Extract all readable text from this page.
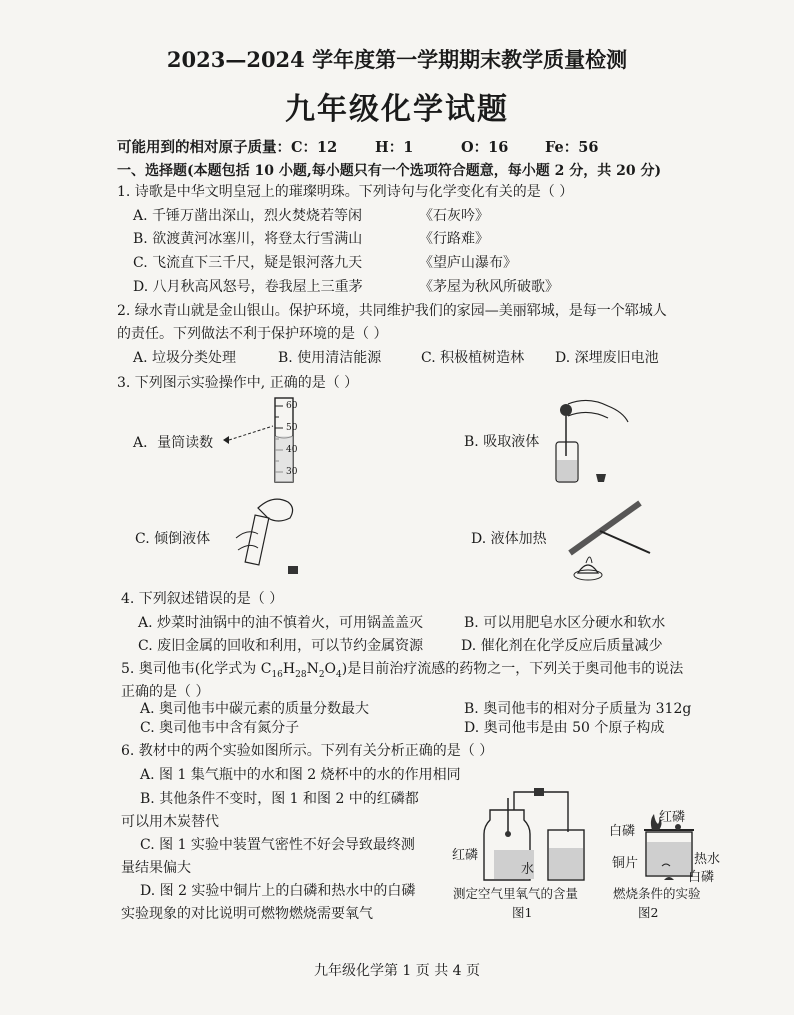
2023—2024 学年度第一学期期末教学质量检测
九年级化学试题
可能用到的相对原子质量：C：12	H：1	O：16	Fe：56
一、选择题(本题包括 10 小题,每小题只有一个选项符合题意，每小题 2 分，共 20 分)
1. 诗歌是中华文明皇冠上的璀璨明珠。下列诗句与化学变化有关的是（ ）
A. 千锤万凿出深山，烈火焚烧若等闲	《石灰吟》
B. 欲渡黄河冰塞川，将登太行雪满山	《行路难》
C. 飞流直下三千尺，疑是银河落九天	《望庐山瀑布》
D. 八月秋高风怒号，卷我屋上三重茅	《茅屋为秋风所破歌》
2. 绿水青山就是金山银山。保护环境，共同维护我们的家园—美丽郓城，是每一个郓城人
的责任。下列做法不利于保护环境的是（ ）
A. 垃圾分类处理	B. 使用清洁能源	C. 积极植树造林 D. 深埋废旧电池
3. 下列图示实验操作中, 正确的是（ ）
A．量筒读数	B. 吸取液体
C. 倾倒液体	D. 液体加热
60
50
40
30
4. 下列叙述错误的是（ ）
A. 炒菜时油锅中的油不慎着火，可用锅盖盖灭	B. 可以用肥皂水区分硬水和软水
C. 废旧金属的回收和利用，可以节约金属资源	D. 催化剂在化学反应后质量减少
5. 奥司他韦(化学式为 $C_{16}H_{28}N_2O_4$)是目前治疗流感的药物之一，下列关于奥司他韦的说法
正确的是（ ）
A. 奥司他韦中碳元素的质量分数最大	B. 奥司他韦的相对分子质量为 312g
C. 奥司他韦中含有氮分子	D. 奥司他韦是由 50 个原子构成
6. 教材中的两个实验如图所示。下列有关分析正确的是（ ）
A. 图 1 集气瓶中的水和图 2 烧杯中的水的作用相同
B. 其他条件不变时，图 1 和图 2 中的红磷都
可以用木炭替代
C. 图 1 实验中装置气密性不好会导致最终测
量结果偏大
D. 图 2 实验中铜片上的白磷和热水中的白磷
实验现象的对比说明可燃物燃烧需要氧气
红磷
水
测定空气里氧气的含量
图1
红磷
白磷
铜片	热水
白磷
燃烧条件的实验
图2
九年级化学第 1 页 共 4 页
